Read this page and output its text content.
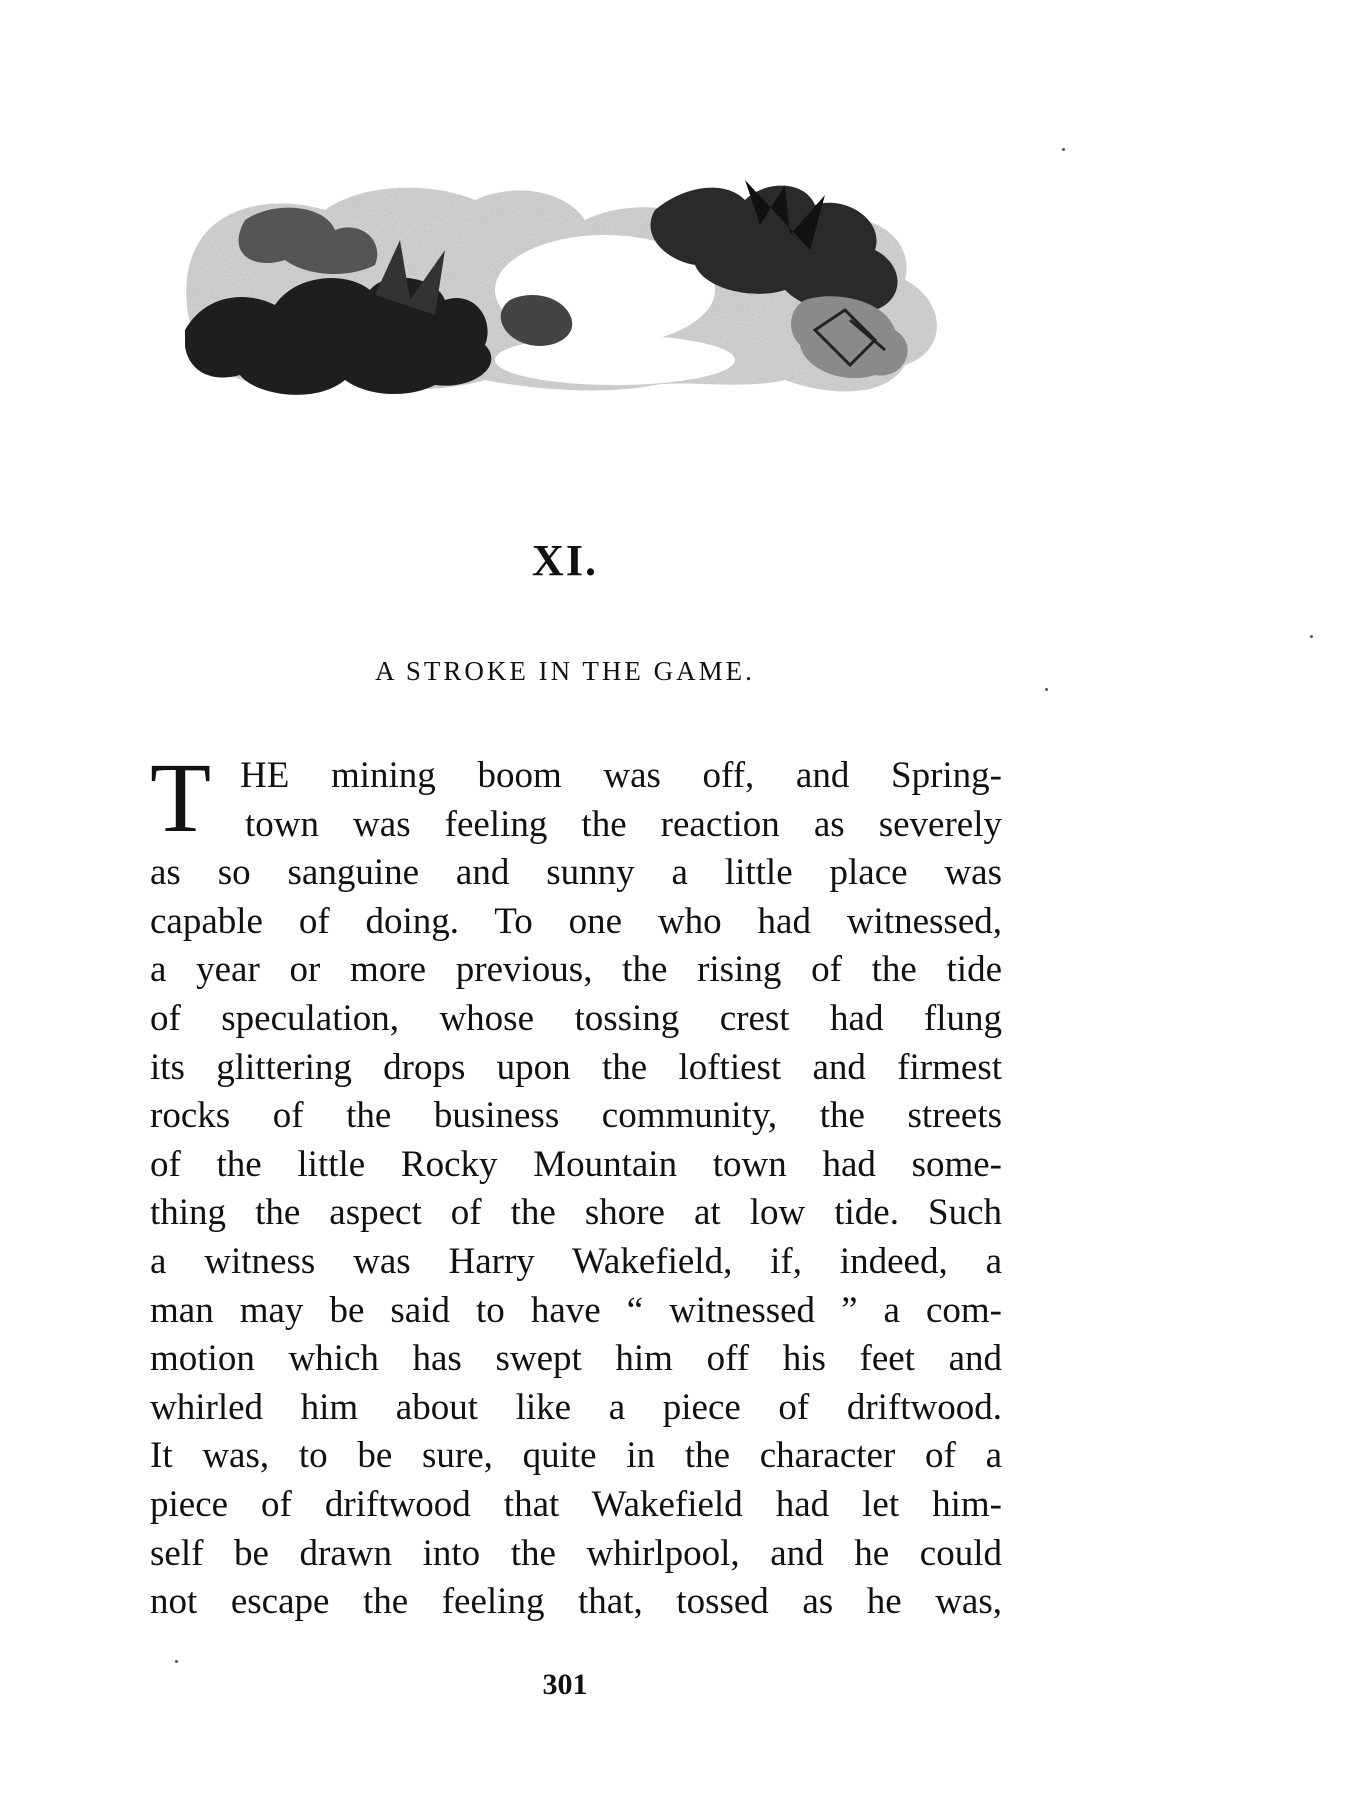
XI.
A STROKE IN THE GAME.
T HE mining boom was off, and Spring-
town was feeling the reaction as severely
as so sanguine and sunny a little place was
capable of doing. To one who had witnessed,
a year or more previous, the rising of the tide
of speculation, whose tossing crest had flung
its glittering drops upon the loftiest and firmest
rocks of the business community, the streets
of the little Rocky Mountain town had some-
thing the aspect of the shore at low tide. Such
a witness was Harry Wakefield, if, indeed, a
man may be said to have “ witnessed ” a com-
motion which has swept him off his feet and
whirled him about like a piece of driftwood.
It was, to be sure, quite in the character of a
piece of driftwood that Wakefield had let him-
self be drawn into the whirlpool, and he could
not escape the feeling that, tossed as he was,
301
